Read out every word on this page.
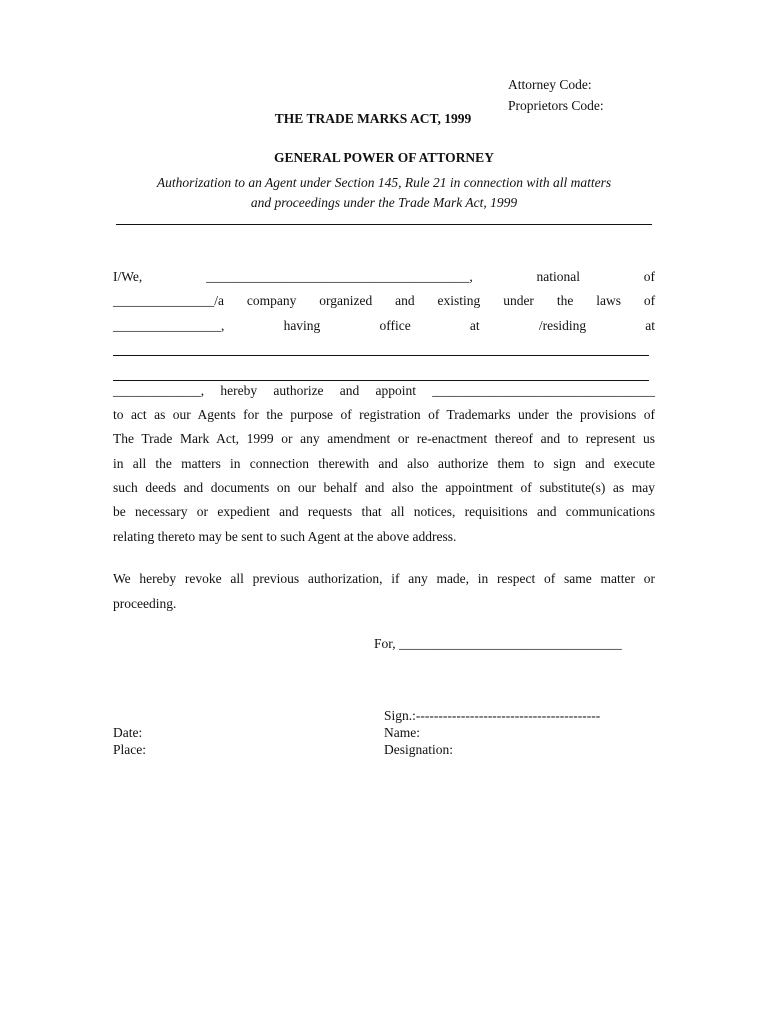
Attorney Code:
Proprietors Code:
THE TRADE MARKS ACT, 1999
GENERAL POWER OF ATTORNEY
Authorization to an Agent under Section 145, Rule 21 in connection with all matters
and proceedings under the Trade Mark Act, 1999
I/We,	_______________________________________,	national	of
_______________/a company organized and existing under the laws of
________________,	having	office	at	/residing	at
_____________, hereby authorize and appoint _________________________________
to act as our Agents for the purpose of registration of Trademarks under the provisions of
The Trade Mark Act, 1999 or any amendment or re-enactment thereof and to represent us
in all the matters in connection therewith and also authorize them to sign and execute
such deeds and documents on our behalf and also the appointment of substitute(s) as may
be necessary or expedient and requests that all notices, requisitions and communications
relating thereto may be sent to such Agent at the above address.
We hereby revoke all previous authorization, if any made, in respect of same matter or
proceeding.
For, _________________________________
Sign.:-----------------------------------------
Date:	Name:
Place:	Designation:
